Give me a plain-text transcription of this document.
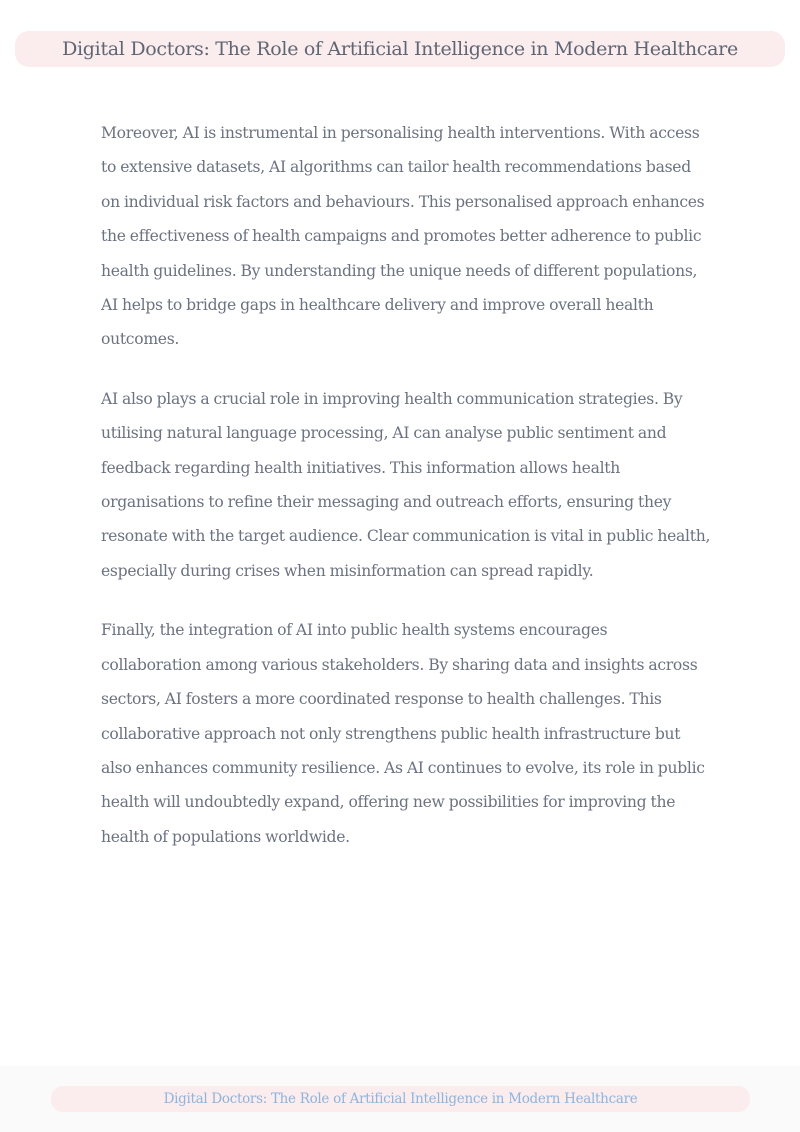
Digital Doctors: The Role of Artificial Intelligence in Modern Healthcare

Moreover, AI is instrumental in personalising health interventions. With access to extensive datasets, AI algorithms can tailor health recommendations based on individual risk factors and behaviours. This personalised approach enhances the effectiveness of health campaigns and promotes better adherence to public health guidelines. By understanding the unique needs of different populations, AI helps to bridge gaps in healthcare delivery and improve overall health outcomes.

AI also plays a crucial role in improving health communication strategies. By utilising natural language processing, AI can analyse public sentiment and feedback regarding health initiatives. This information allows health organisations to refine their messaging and outreach efforts, ensuring they resonate with the target audience. Clear communication is vital in public health, especially during crises when misinformation can spread rapidly.

Finally, the integration of AI into public health systems encourages collaboration among various stakeholders. By sharing data and insights across sectors, AI fosters a more coordinated response to health challenges. This collaborative approach not only strengthens public health infrastructure but also enhances community resilience. As AI continues to evolve, its role in public health will undoubtedly expand, offering new possibilities for improving the health of populations worldwide.

Digital Doctors: The Role of Artificial Intelligence in Modern Healthcare
